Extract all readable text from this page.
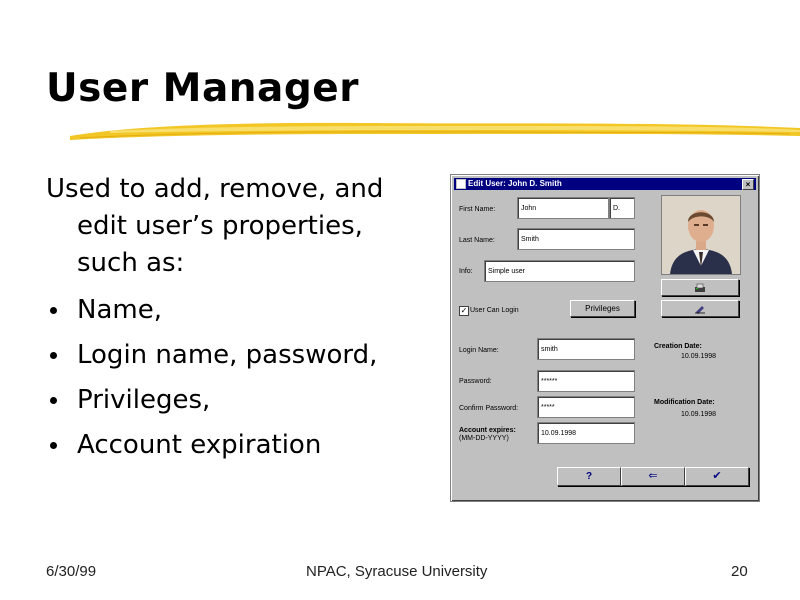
User Manager
Used to add, remove, and
edit user’s properties,
such as:
Name,
Login name, password,
Privileges,
Account expiration
Edit User: John D. Smith	×
First Name:	John	D.
Last Name:	Smith
Info:	Simple user
✓ User Can Login	Privileges
Login Name:	smith
Password:	******
Confirm Password:	*****
Account expires:
(MM-DD-YYYY)
10.09.1998
Creation Date:
10.09.1998
Modification Date:
10.09.1998
?	⇐	✔
6/30/99	NPAC, Syracuse University	20
